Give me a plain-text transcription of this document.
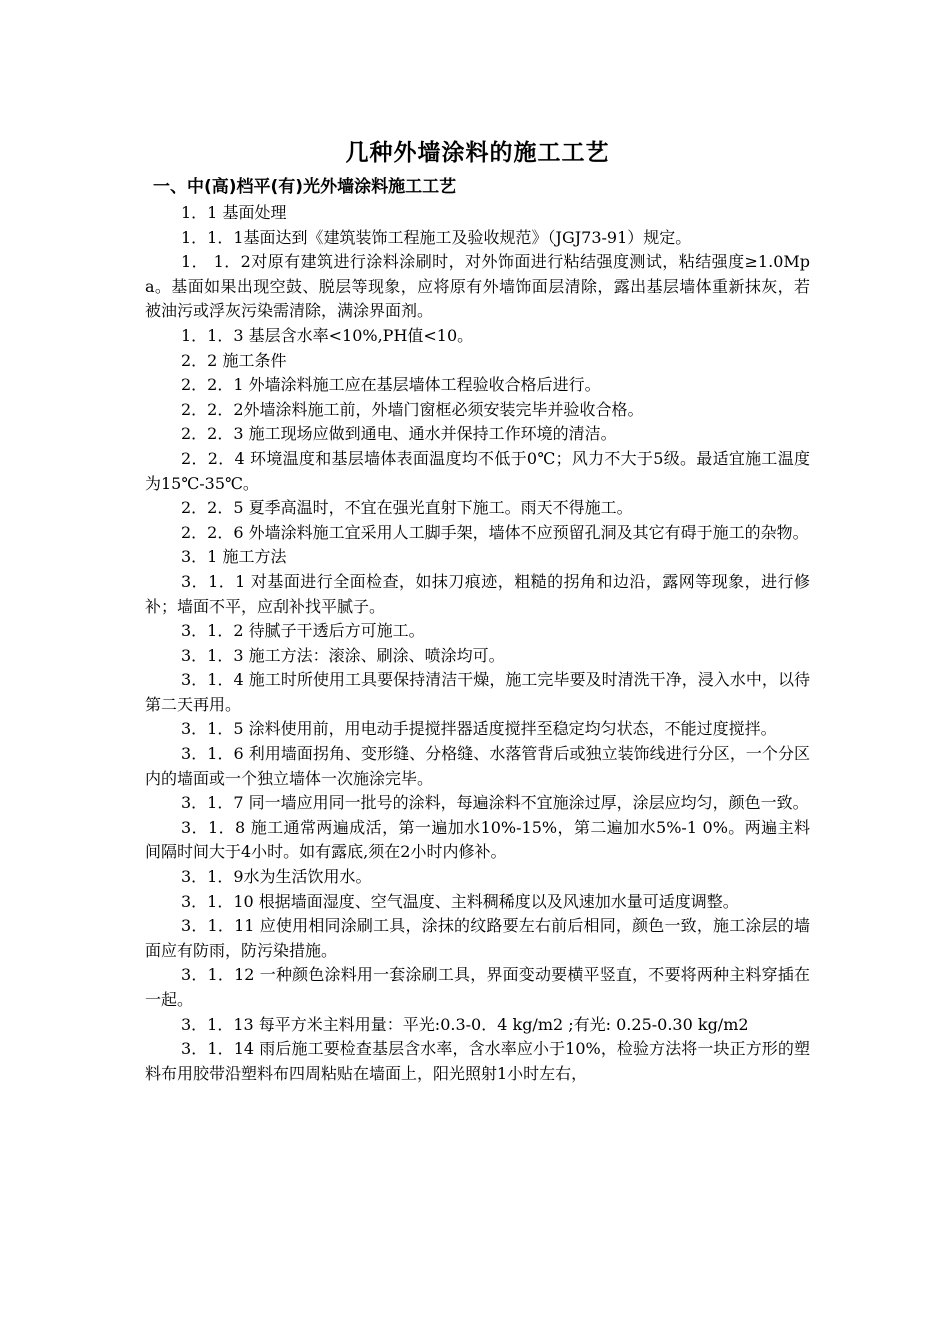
几种外墙涂料的施工工艺
一、中(高)档平(有)光外墙涂料施工工艺

1．1 基面处理

1．1．1基面达到《建筑装饰工程施工及验收规范》（JGJ73-91）规定。

1． 1．2对原有建筑进行涂料涂刷时，对外饰面进行粘结强度测试，粘结强度≥1.0Mpa。基面如果出现空鼓、脱层等现象，应将原有外墙饰面层清除，露出基层墙体重新抹灰，若被油污或浮灰污染需清除，满涂界面剂。

1．1．3 基层含水率<10%,PH值<10。

2．2 施工条件

2．2．1 外墙涂料施工应在基层墙体工程验收合格后进行。

2．2．2外墙涂料施工前，外墙门窗框必须安装完毕并验收合格。

2．2．3 施工现场应做到通电、通水并保持工作环境的清洁。

2．2．4 环境温度和基层墙体表面温度均不低于0℃；风力不大于5级。最适宜施工温度为15℃-35℃。

2．2．5 夏季高温时，不宜在强光直射下施工。雨天不得施工。

2．2．6 外墙涂料施工宜采用人工脚手架，墙体不应预留孔洞及其它有碍于施工的杂物。

3．1 施工方法

3．1．1 对基面进行全面检查，如抹刀痕迹，粗糙的拐角和边沿，露网等现象，进行修补；墙面不平，应刮补找平腻子。

3．1．2 待腻子干透后方可施工。

3．1．3 施工方法：滚涂、刷涂、喷涂均可。

3．1．4 施工时所使用工具要保持清洁干燥，施工完毕要及时清洗干净，浸入水中，以待第二天再用。

3．1．5 涂料使用前，用电动手提搅拌器适度搅拌至稳定均匀状态，不能过度搅拌。

3．1．6 利用墙面拐角、变形缝、分格缝、水落管背后或独立装饰线进行分区，一个分区内的墙面或一个独立墙体一次施涂完毕。

3．1．7 同一墙应用同一批号的涂料，每遍涂料不宜施涂过厚，涂层应均匀，颜色一致。

3．1．8 施工通常两遍成活，第一遍加水10%-15%，第二遍加水5%-1 0%。两遍主料间隔时间大于4小时。如有露底,须在2小时内修补。

3．1．9水为生活饮用水。

3．1．10 根据墙面湿度、空气温度、主料稠稀度以及风速加水量可适度调整。

3．1．11 应使用相同涂刷工具，涂抹的纹路要左右前后相同，颜色一致，施工涂层的墙面应有防雨，防污染措施。

3．1．12 一种颜色涂料用一套涂刷工具，界面变动要横平竖直，不要将两种主料穿插在一起。

3．1．13 每平方米主料用量：平光:0.3-0．4 kg/m2 ;有光: 0.25-0.30 kg/m2

3．1．14 雨后施工要检查基层含水率，含水率应小于10%，检验方法将一块正方形的塑料布用胶带沿塑料布四周粘贴在墙面上，阳光照射1小时左右，
